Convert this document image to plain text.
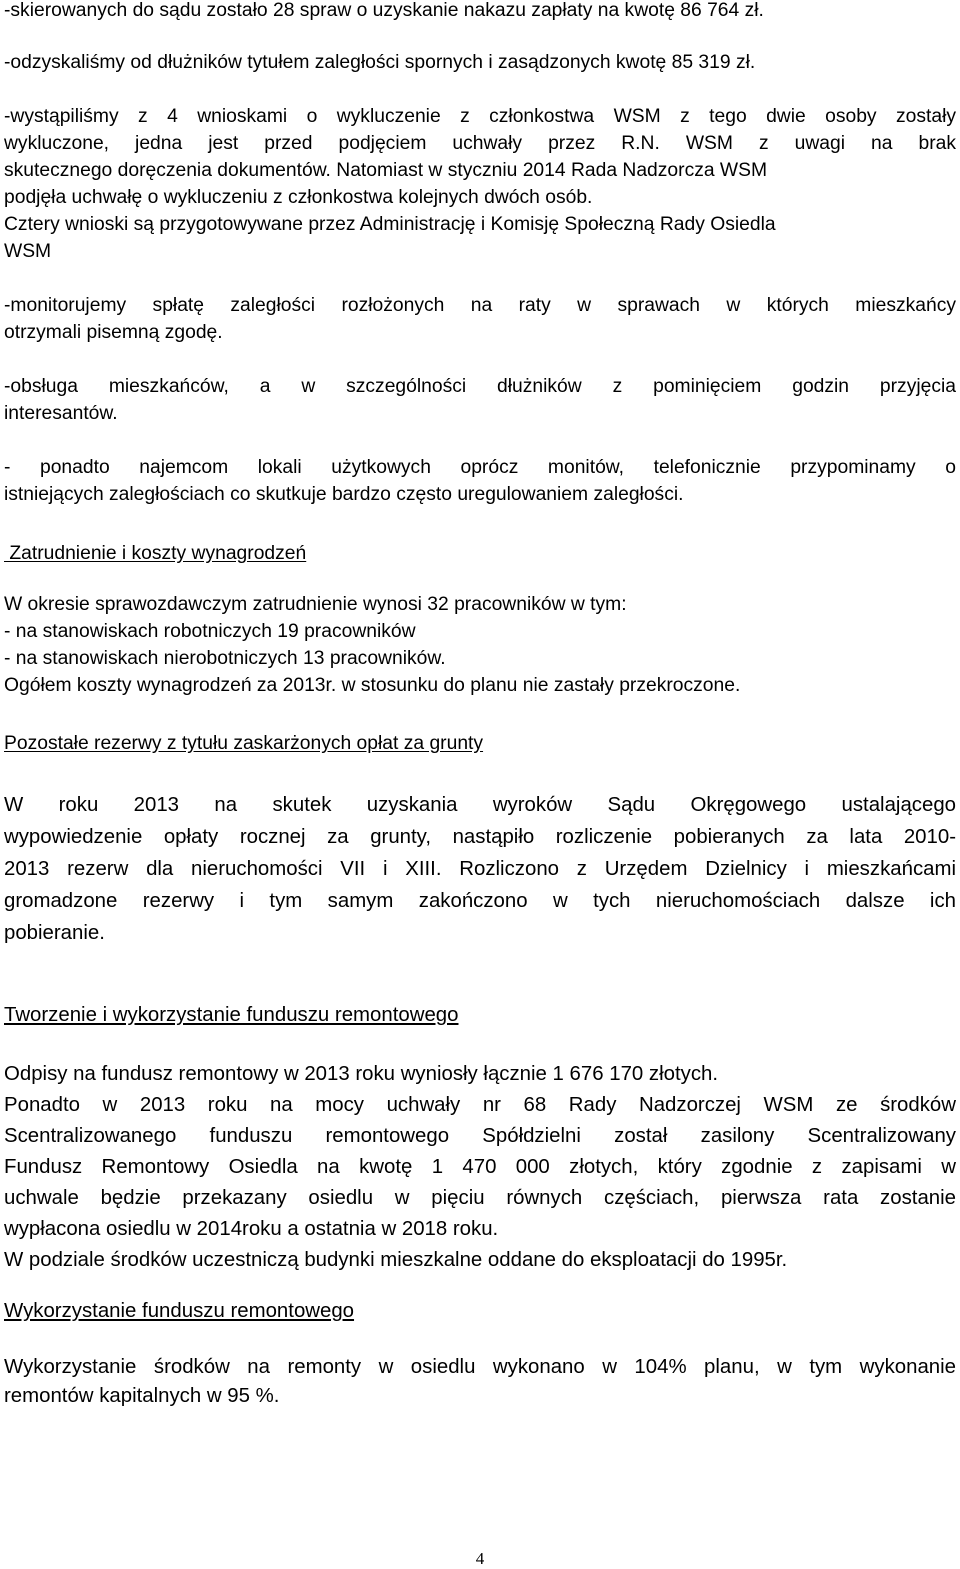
-skierowanych do sądu zostało 28 spraw o uzyskanie nakazu zapłaty na kwotę 86 764 zł.

-odzyskaliśmy od dłużników tytułem zaległości spornych i zasądzonych kwotę 85 319 zł.

-wystąpiliśmy z 4 wnioskami o wykluczenie z członkostwa WSM z tego dwie osoby zostały

wykluczone, jedna jest przed podjęciem uchwały przez R.N. WSM z uwagi na brak

skutecznego doręczenia dokumentów. Natomiast w styczniu 2014 Rada Nadzorcza WSM

podjęła uchwałę o wykluczeniu z członkostwa kolejnych dwóch osób.

Cztery wnioski są przygotowywane przez Administrację i Komisję Społeczną Rady Osiedla

WSM

-monitorujemy spłatę zaległości rozłożonych na raty w sprawach w których mieszkańcy

otrzymali pisemną zgodę.

-obsługa mieszkańców, a w szczególności dłużników z pominięciem godzin przyjęcia

interesantów.

- ponadto najemcom lokali użytkowych oprócz monitów, telefonicznie przypominamy o

istniejących zaległościach co skutkuje bardzo często uregulowaniem zaległości.

Zatrudnienie i koszty wynagrodzeń

W okresie sprawozdawczym zatrudnienie wynosi 32 pracowników w tym:

- na stanowiskach robotniczych 19 pracowników

- na stanowiskach nierobotniczych 13 pracowników.

Ogółem koszty wynagrodzeń za 2013r. w stosunku do planu nie zastały przekroczone.

Pozostałe rezerwy z tytułu zaskarżonych opłat za grunty

W roku 2013 na skutek uzyskania wyroków Sądu Okręgowego ustalającego

wypowiedzenie opłaty rocznej za grunty, nastąpiło rozliczenie pobieranych za lata 2010-

2013 rezerw dla nieruchomości VII i XIII. Rozliczono z Urzędem Dzielnicy i mieszkańcami

gromadzone rezerwy i tym samym zakończono w tych nieruchomościach dalsze ich

pobieranie.

Tworzenie i wykorzystanie funduszu remontowego

Odpisy na fundusz remontowy w 2013 roku wyniosły łącznie 1 676 170 złotych.

Ponadto w 2013 roku na mocy uchwały nr 68 Rady Nadzorczej WSM ze środków

Scentralizowanego funduszu remontowego Spółdzielni został zasilony Scentralizowany

Fundusz Remontowy Osiedla na kwotę 1 470 000 złotych, który zgodnie z zapisami w

uchwale będzie przekazany osiedlu w pięciu równych częściach, pierwsza rata zostanie

wypłacona osiedlu w 2014roku a ostatnia w 2018 roku.

W podziale środków uczestniczą budynki mieszkalne oddane do eksploatacji do 1995r.

Wykorzystanie funduszu remontowego

Wykorzystanie środków na remonty w osiedlu wykonano w 104% planu, w tym wykonanie

remontów kapitalnych w 95 %.

4
